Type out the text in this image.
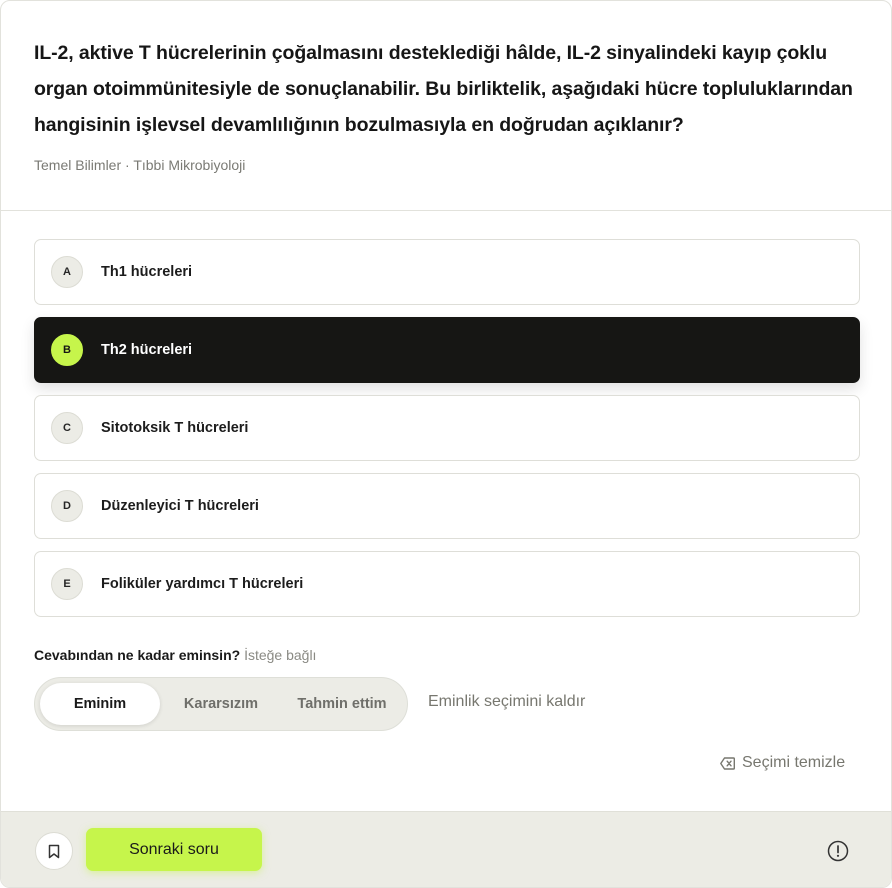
IL-2, aktive T hücrelerinin çoğalmasını desteklediği hâlde, IL-2 sinyalindeki kayıp çoklu organ otoimmünitesiyle de sonuçlanabilir. Bu birliktelik, aşağıdaki hücre topluluklarından hangisinin işlevsel devamlılığının bozulmasıyla en doğrudan açıklanır?
Temel Bilimler · Tıbbi Mikrobiyoloji
A	Th1 hücreleri
B	Th2 hücreleri
C	Sitotoksik T hücreleri
D	Düzenleyici T hücreleri
E	Foliküler yardımcı T hücreleri
Cevabından ne kadar eminsin? İsteğe bağlı
Eminim	Kararsızım	Tahmin ettim	Eminlik seçimini kaldır
Seçimi temizle
Sonraki soru
